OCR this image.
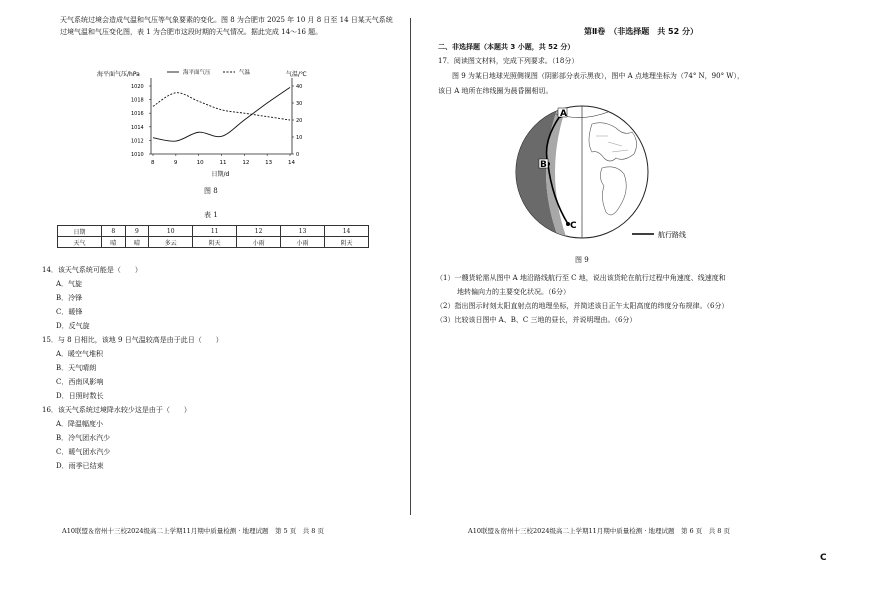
天气系统过境会造成气温和气压等气象要素的变化。图 8 为合肥市 2025 年 10 月 8 日至 14 日某天气系统过境气温和气压变化图，表 1 为合肥市这段时期的天气情况。据此完成 14～16 题。
海平面气压/hPa	气温/℃
日期/d
1010
1012
1014
1016
1018
1020
0
10
20
30
40
8	9	10	11	12	13	14
海平面气压	气温
图 8
表 1
日期	8	9	10	11	12	13	14
天气	晴	晴	多云	阴天	小雨	小雨	阴天
14．该天气系统可能是（　　）
A．气旋
B．冷锋
C．暖锋
D．反气旋
15．与 8 日相比，该地 9 日气温较高是由于此日（　　）
A．暖空气堆积
B．天气晴朗
C．西南风影响
D．日照时数长
16．该天气系统过境降水较少这是由于（　　）
A．降温幅度小
B．冷气团水汽少
C．暖气团水汽少
D．雨季已结束
A10联盟＆宿州十三校2024级高二上学期11月期中质量检测 · 地理试题　第 5 页　共 8 页
第Ⅱ卷　（非选择题　共 52 分）
二、非选择题（本题共 3 小题，共 52 分）
17．阅读图文材料，完成下列要求。（18分）
图 9 为某日地球光照侧视图（阴影部分表示黑夜），图中 A 点地理坐标为（74° N，90° W），
该日 A 地所在纬线圈为晨昏圈相切。
A
B
C
航行路线
图 9
（1）一艘货轮需从图中 A 地沿路线航行至 C 地，说出该货轮在航行过程中角速度、线速度和
　　　地转偏向力的主要变化状况。（6分）
（2）指出图示时刻太阳直射点的地理坐标，并简述该日正午太阳高度的纬度分布规律。（6分）
（3）比较该日图中 A、B、C 三地的昼长，并说明理由。（6分）
A10联盟＆宿州十三校2024级高二上学期11月期中质量检测 · 地理试题　第 6 页　共 8 页
C
